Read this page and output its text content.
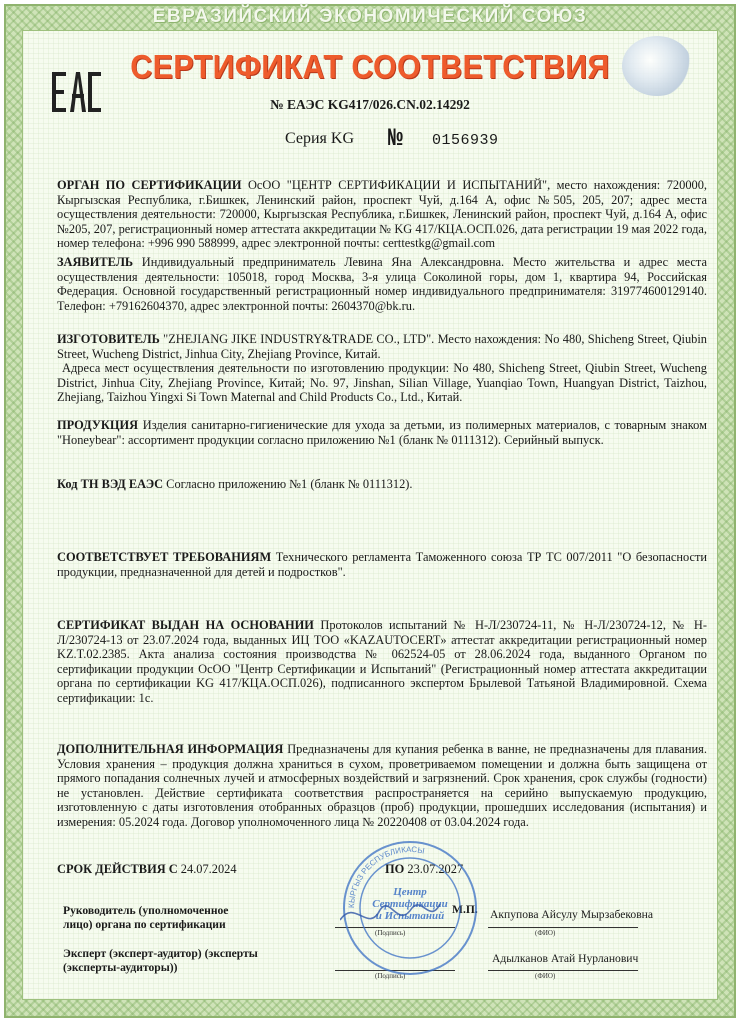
ЕВРАЗИЙСКИЙ ЭКОНОМИЧЕСКИЙ СОЮЗ
СЕРТИФИКАТ СООТВЕТСТВИЯ
№ ЕАЭС KG417/026.CN.02.14292
Серия KG № 0156939
ОРГАН ПО СЕРТИФИКАЦИИ ОсОО "ЦЕНТР СЕРТИФИКАЦИИ И ИСПЫТАНИЙ", место нахождения: 720000, Кыргызская Республика, г.Бишкек, Ленинский район, проспект Чуй, д.164 А, офис №505, 205, 207; адрес места осуществления деятельности: 720000, Кыргызская Республика, г.Бишкек, Ленинский район, проспект Чуй, д.164 А, офис №205, 207, регистрационный номер аттестата аккредитации № KG 417/КЦА.ОСП.026, дата регистрации 19 мая 2022 года, номер телефона: +996 990 588999, адрес электронной почты: certtestkg@gmail.com
ЗАЯВИТЕЛЬ Индивидуальный предприниматель Левина Яна Александровна. Место жительства и адрес места осуществления деятельности: 105018, город Москва, 3-я улица Соколиной горы, дом 1, квартира 94, Российская Федерация. Основной государственный регистрационный номер индивидуального предпринимателя: 319774600129140. Телефон: +79162604370, адрес электронной почты: 2604370@bk.ru.
ИЗГОТОВИТЕЛЬ "ZHEJIANG JIKE INDUSTRY&TRADE CO., LTD". Место нахождения: No 480, Shicheng Street, Qiubin Street, Wucheng District, Jinhua City, Zhejiang Province, Китай.
Адреса мест осуществления деятельности по изготовлению продукции: No 480, Shicheng Street, Qiubin Street, Wucheng District, Jinhua City, Zhejiang Province, Китай; No. 97, Jinshan, Silian Village, Yuanqiao Town, Huangyan District, Taizhou, Zhejiang, Taizhou Yingxi Si Town Maternal and Child Products Co., Ltd., Китай.
ПРОДУКЦИЯ Изделия санитарно-гигиенические для ухода за детьми, из полимерных материалов, с товарным знаком "Honeybear": ассортимент продукции согласно приложению №1 (бланк № 0111312). Серийный выпуск.
Код ТН ВЭД ЕАЭС Согласно приложению №1 (бланк № 0111312).
СООТВЕТСТВУЕТ ТРЕБОВАНИЯМ Технического регламента Таможенного союза ТР ТС 007/2011 "О безопасности продукции, предназначенной для детей и подростков".
СЕРТИФИКАТ ВЫДАН НА ОСНОВАНИИ Протоколов испытаний № Н-Л/230724-11, № Н-Л/230724-12, № Н-Л/230724-13 от 23.07.2024 года, выданных ИЦ ТОО «KAZAUTOCERT» аттестат аккредитации регистрационный номер KZ.T.02.2385. Акта анализа состояния производства № 062524-05 от 28.06.2024 года, выданного Органом по сертификации продукции ОсОО "Центр Сертификации и Испытаний" (Регистрационный номер аттестата аккредитации органа по сертификации KG 417/КЦА.ОСП.026), подписанного экспертом Брылевой Татьяной Владимировной. Схема сертификации: 1с.
ДОПОЛНИТЕЛЬНАЯ ИНФОРМАЦИЯ Предназначены для купания ребенка в ванне, не предназначены для плавания. Условия хранения – продукция должна храниться в сухом, проветриваемом помещении и должна быть защищена от прямого попадания солнечных лучей и атмосферных воздействий и загрязнений. Срок хранения, срок службы (годности) не установлен. Действие сертификата соответствия распространяется на серийно выпускаемую продукцию, изготовленную с даты изготовления отобранных образцов (проб) продукции, прошедших исследования (испытания) и измерения: 05.2024 года. Договор уполномоченного лица № 20220408 от 03.04.2024 года.
СРОК ДЕЙСТВИЯ С 24.07.2024	ПО 23.07.2027
Руководитель (уполномоченное лицо) органа по сертификации
М.П. Акпупова Айсулу Мырзабековна
(Подпись)	(ФИО)
Эксперт (эксперт-аудитор) (эксперты (эксперты-аудиторы))
Адылканов Атай Нурланович
(Подпись)	(ФИО)
КЫРГЫЗ РЕСПУБЛИКАСЫ
Центр Сертификации и Испытаний
